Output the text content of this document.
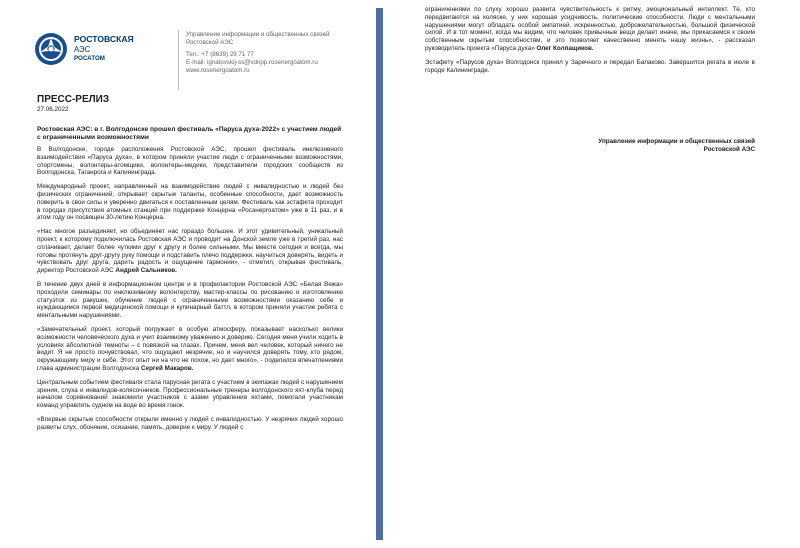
РОСТОВСКАЯ
АЭС
РОСАТОМ
Управление информации и общественных связей
Ростовской АЭС
Тел.: +7 (8639) 29 71 77
E-mail: ignatovskij-ss@vdnpp.rosenergoatom.ru
www.rosenergoatom.ru
ПРЕСС-РЕЛИЗ
27.06.2022
Ростовская АЭС: в г. Волгодонске прошел фестиваль «Паруса духа-2022» с участием людей с ограниченными возможностями

В Волгодонске, городе расположения Ростовской АЭС, прошел фестиваль инклюзивного взаимодействия «Паруса духа», в котором приняли участие люди с ограниченными возможностями, спортсмены, волонтеры-атомщики, волонтеры-медики, представители городских сообществ из Волгодонска, Таганрога и Калининграда.

Международный проект, направленный на взаимодействие людей с инвалидностью и людей без физических ограничений, открывает скрытые таланты, особенные способности, дает возможность поверить в свои силы и уверенно двигаться к поставленным целям. Фестиваль как эстафета проходит в городах присутствия атомных станций при поддержке Концерна «Росэнергоатом» уже в 11 раз, и в этом году он посвящен 30-летию Концерна.

«Нас многое разъединяет, но объединяет нас гораздо большее. И этот удивительный, уникальный проект, к которому подключилась Ростовская АЭС и проводит на Донской земле уже в третий раз, нас сплачивает, делает более чуткими друг к другу и более сильными. Мы вместе сегодня и всегда, мы готовы протянуть друг-другу руку помощи и подставить плечо поддержки, научиться доверять, видеть и чувствовать друг друга, дарить радость и ощущение гармонии», - отметил, открывая фестиваль, директор Ростовской АЭС Андрей Сальников.

В течение двух дней в информационном центре и в профилактории Ростовской АЭС «Белая Вежа» проходили семинары по инклюзивному волонтерству, мастер-классы по рисованию и изготовлению статуэток из ракушек, обучение людей с ограниченными возможностями оказанию себе и нуждающимся первой медицинской помощи и купинарный баттл, в котором приняли участие ребята с ментальными нарушениями.

«Замечательный проект, который погружает в особую атмосферу, показывает насколько велики возможности человеческого духа и учит взаимному уважению и доверию. Сегодня меня учили ходить в условиях абсолютной темноты – с повязкой на глазах. Причем, меня вел человек, который ничего не видит. Я не просто почувствовал, что ощущают незрячие, но и научился доверять тому, кто рядом, окружающему миру и себе. Этот опыт ни на что не похож, но дает много», - поделился впечатлениями глава администрации Волгодонска Сергей Макаров.

Центральным событием фестиваля стала парусная регата с участием в экипажах людей с нарушением зрения, слуха и инвалидов-колясочников. Профессиональные тренеры волгодонского яхт-клуба перед началом соревнований знакомили участников с азами управления яхтами, помогали участникам команд управлять судном на воде во время гонок.

«Впервые скрытые способности открыли именно у людей с инвалидностью. У незрячих людей хорошо развиты слух, обоняние, осязание, память, доверие к миру. У людей с

ограничениями по слуху хорошо развита чувствительность к ритму, эмоциональный интеллект. Те, кто передвигаются на коляске, у них хорошая усидчивость, политические способности. Люди с ментальными нарушениями могут обладать особой эмпатией, искренностью, доброжелательностью, большой физической силой. И в тот момент, когда мы видим, что человек привычные вещи делает иначе, мы прикасаемся к своим собственным скрытым способностям, и это позволяет качественно менять нашу жизнь», - рассказал руководитель проекта «Паруса духа» Олег Колпащиков.

Эстафету «Парусов духа» Волгодонск принял у Заречного и передал Балаково. Завершится регата в июле в городе Калининграде.

Управление информации и общественных связей
Ростовской АЭС
